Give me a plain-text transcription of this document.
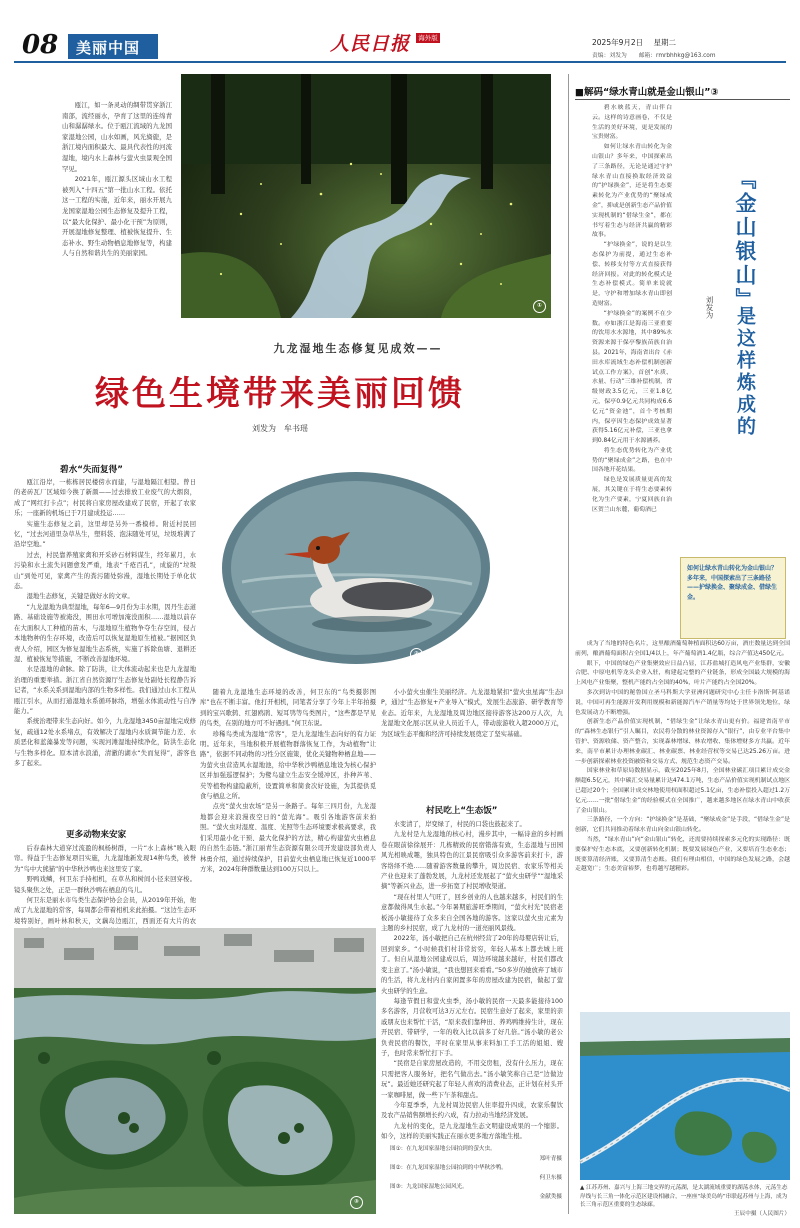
08 美丽中国	人民日报	海外版	2025年9月2日 星期二
责编：刘发为 邮箱：rmrbhhkg@163.com

瓯江，如一条灵动的绸带贯穿浙江南部，流经丽水，孕育了这里的连绵青山和潺潺绿水。位于瓯江流域的九龙国家湿地公园，山水如画，风光旖旎，是浙江境内面积最大、最具代表性的河流湿地，境内水上森林与萤火虫景观全国罕见。

2021年，瓯江源头区域山水工程被列入“十四五”第一批山水工程。依托这一工程的实施，近年来，丽水开展九龙国家湿地公园生态修复及提升工程，以“最大化保护、最小化干预”为原则，开展湿地修复整理、植被恢复提升、生态补水、野生动物栖息地修复等，构建人与自然和谐共生的美丽家园。

①
九龙湿地生态修复见成效——
绿色生境带来美丽回馈
刘发为　牟书瑶
碧水“失而复得”

瓯江沿岸，一栋栋居民楼傍水而建，与湿地隔江相望。曾日的老砖瓦厂区域如今换了新颜——过去排放工业废气的大烟囱，成了“网红打卡点”；村民将自家房屋改建成了民宿，开起了农家乐；一座新的机场已于7月建成投运……

实施生态修复之前，这里却是另外一番模样。附近村民回忆，“过去河道里杂草丛生，塑料袋、泡沫随处可见，垃圾堆满了沿岸空地。”

过去，村民靠养殖家禽和开采砂石材料谋生，经年累月，水污染和水土流失问题愈发严重，地表“千疮百孔”，成旋的“垃圾山”到处可见，家禽产生的粪污随处弥漫，湿地长期处于单化状态。

湿地生态修复，关键是做好水的文章。

“九龙湿地为典型湿地，每年6—9月份为丰水期，因丹生态道路、基础设施等被淹没，围田水可增加淹没面积……湿地以前存在大面积人工种植的苗木，与湿地原生植物争夺生存空间，侵占本地物种的生存环境，改造后可以恢复湿地原生植被。”据园区负责人介绍，园区为修复湿地生态系统，实施了拆除鱼塘、退耕还湿、植被恢复等措施，不断改善湿地环境。

水是湿地的命脉。除了防洪，让大体流动起来也是九龙湿地治理的重要举措。浙江省自然资源厅生态修复处副处长程静告诉记者，“水系关系到湿地内部的生物多样性。我们通过山水工程从瓯江引水，从而打通湿地水系循环脉络，增强水体流动性与自净能力。”

系统治理带来生态向好。如今，九龙湿地3450亩湿地完成修复，疏通12处水系堵点，有效解决了湿地内水质调节能力差、水质恶化和蓝藻暴发等问题，实现河滩湿地持续净化，防洪生态化与生物多样化。原本清水浪涌，清澈的湖水“失而复得”，游客也多了起来。

更多动物来安家

后春森林大道穿过流盈的枫杨树群，一片“水上森林”映入眼帘。得益于生态修复项目实施，九龙湿地新发现14种鸟类，被誉为“鸟中大熊猫”的中华秋沙鸭也来这里安了家。

野鸭戏鳞，何卫东手持相机，在草丛和树间小径来回穿梭。镜头聚焦之处，正是一群秋沙鸭在栖息的鸟儿。

何卫东是丽水市鸟类生态保护协会会员，从2019年开始，他成了九龙湿地的常客，每周都会带着相机来此拍摄。“这边生态环境特别好，画叶林和秋天，文藕岛边瓯江，西面还有大片的农

②

随着九龙湿地生态环境的改善，何卫东的“鸟类摄影图库”也在不断丰富。他打开相机，同笔者分享了今年上半年拍摄到的宝兴歌鸫、红翅鸥鹃、短耳鸮等鸟类图片，“这些都是罕见的鸟类，在别的地方可不好遇到。”何卫东说。

珍稀鸟类成为湿地“常客”，是九龙湿地生态向好的有力证明。近年来，当地积极开展植物群落恢复工作，为动植物“让路”，依据不同动物的习性分区施策，优化关键物种栖息地——为萤火虫营造风水湿地池，给中华秋沙鸭栖息地设为核心保护区并加强巡逻保护；为鹭鸟建立生态安全缓冲区，扑种芦苇、芡等植物构建隐蔽所，设置简单和简食次好设施，为其提供觅食与栖息之所。

点亮“萤火虫农场”是另一条路子。每年三四月份，九龙湿地都会迎来浪漫夜空日的“萤光海”。吸引各地游客前来拍照。“萤火虫对湿度、温度、光照等生态环境要求极高要求，我们采用最小化干预、最大化保护的方法，精心构建萤火虫栖息的自然生态链。”浙江丽青生态资源有限公司开发建设部负责人林勇介绍，通过持续保护，目前萤火虫栖息地已恢复近1000平方米，2024年种群数量达到100万只以上。

小小萤火虫催生美丽经济。九龙湿地紧扣“萤火虫星海”生态IP，通过“生态修复+产业导入”模式，发展生态旅游、研学教育等业态。近年来，九龙湿地及周边地区接待游客达200万人次，九龙湿地文化展示区从业人员近千人，带动旅游收入超2000万元，为区域生态平衡和经济可持续发展奠定了坚实基础。

村民吃上“生态饭”

水变清了，岸变绿了，村民的口袋也鼓起来了。

九龙村是九龙湿地的核心村，漫步其中，一幅诗意的乡村画卷在眼前徐徐展开：几栋精致的民宿错落有致，生态湿地与田园风光相映成趣，独具特色的江景民宿吸引众多游客前来打卡，游客络绎不绝……随着游客数量的攀升，周边民宿、农家乐等相关产业也迎来了蓬勃发展，九龙村还发展起了“萤火虫研学”“湿地采摘”等新兴业态，进一步拓宽了村民增收渠道。

“现在村里人气旺了，回乡创业的人也越来越多，村民们的生意都做得风生水起。”今年暑期旅游旺季期间，“萤火村光”民宿老板汤小敏接待了众多来自全国各地的游客。这家以萤火虫元素为主题的乡村民宿，成了九龙村的一道亮丽风景线。

2022年，汤小敏把自己在杭州经营了20年的母婴店转让后，回到家乡。“小时候我们村非常贫穷，年轻人基本上都去城上班了。但自从湿地公园建成以后，周边环境越来越好，村民们都改变主意了。”汤小敏说，“我也想回来看看。”50多岁的她放弃了城市的生活，将九龙村内自家闲置多年的房屋改建为民宿，做起了萤火虫研学的生意。

每逢节假日和萤火虫季，汤小敏的民宿一天最多能接待100多名游客，月营收可达3万元左右。民宿生意好了起来，家里的亲戚朋友也来帮忙干活，“原来我们靠种田、养鸡鸭维持生计，现在开民宿、带研学，一年的收入比以前多了好几倍。”汤小敏的老公负责民宿的餐饮，平时在家里从事来料加工手工活的姐姐、嫂子，也时常来帮忙打下手。

“民宿是自家房屋改造的，不用交房租，没有什么压力，现在只需把客人服务好，把名气做出去。”汤小敏笑称自己是“边做边玩”。最近她还研究起了年轻人喜欢的消费业态，正计划在村头开一家咖啡屋，做一些下午茶和甜点。

今年夏季季，九龙村周边民宿人住率提升四成，农家乐餐饮及农产品销售额增长约六成，有力拉动当地经济发展。

九龙村的变化，是九龙湿地生态文明建设成果的一个缩影。如今，这样的美丽实践正在丽水更多地方落地生根。

图①：在九龙国家湿地公园拍到的萤火虫。
郑叶青摄
图②：在九龙国家湿地公园拍到的中华秋沙鸭。
何卫东摄
图③：九龙国家湿地公园风光。
金献类摄
③
■解码“绿水青山就是金山银山”③

碧水映蓝天，青山伴白云。这样的诗意画卷，不仅是生活的美好环境，更是发展的宝贵财富。

如何让绿水青山转化为金山银山？多年来，中国探索出了三条路径，无论是通过守护绿水青山直接换取经济效益的“护绿换金”，还是将生态要素转化为产业优势的“聚绿成金”，抑或是创新生态产品价值实现机制的“借绿生金”，都在书写着生态与经济共赢的精彩故事。

“护绿换金”，说的是以生态保护为前提，通过生态补偿、转移支付等方式直接获得经济回报。对此的转化模式是生态补偿模式。简单来说就是，守护和增加绿水青山即创造财富。

“护绿换金”的案例不在少数。亦如浙江是海南三亚重要的饮用水水源地，其中89%水资源来源于保亭黎族苗族自治县。2021年，海南省出台《赤田水库流域生态补偿机制创新试点工作方案》，首创“水质、水量、行动”三维补偿机制，省级财政3.5亿元，三亚1.8亿元，保亭0.9亿元共同构成6.6亿元“资金池”，首个考核期内，保亭因生态保护成效显著获得5.16亿元补偿，三亚也拿到0.84亿元用于水源涵养。

将生态优势转化为产业优势的“聚绿成金”之路，也在中国各地开花结果。

绿色是发展质量更高的发展，其关键在于将生态要素转化为生产要素，宁夏回族自治区贺兰山东麓，葡萄酒已

『金山银山』
是这样炼成的
刘发为
如何让绿水青山转化为金山银山？多年来，中国探索出了三条路径——护绿换金、聚绿成金、借绿生金。

成为了当地的特色名片，这里酿酒葡萄种植面积达60万亩，酒庄数量达到全国前列，酿酒葡萄面积占全国1/4以上，年产葡萄酒1.4亿瓶，综合产值达450亿元。

眼下，中国的绿色产业集聚效应日益凸显，江苏盐城打造风电产业集群，安徽合肥、中原电机等龙头企业入驻，构建起完整的产业链条，形成全国最大规模的海上风电产业集聚，整机产能约占全国的40%，叶片产能约占全国20%。

多次到访中国的秘鲁国立圣马科斯大学亚洲问题研究中心主任卡洛斯·阿基诺说，中国可再生能源开发利用规模和新能源汽车产销量等均处于世界领先地位，绿色发展动力不断增强。

创新生态产品价值实现机制，“借绿生金”让绿水青山更有价。福建省南平市的“森林生态银行”引人瞩目，农民将分散的林业资源存入“银行”，由专业平台集中管护、资源收储、资产整合，实现森林增绿、林农增收、集体增财多方共赢。近年来，南平市累计办理林业碳汇、林业碳票、林业经营权等交易已达25.26万亩。进一步创新探索林业投资融资和交易方式、规范生态资产交易。

国家林业和草原局数据显示，截至2025年8月，全国林业碳汇项目累计成交金额超6.5亿元，其中碳汇交易量累计达474.1万吨，生态产品价值实现机制试点地区已超过20个；全国累计成交林地使用权面积超过5.1亿亩，生态补偿投入超过1.2万亿元……一批“借绿生金”的经验模式在全国推广，越来越多地区在绿水青山中收获了金山银山。

三条路径，一个方向：“护绿换金”是基础，“聚绿成金”是手段，“借绿生金”是创新，它们共同推动着绿水青山向金山银山转化。

当然，“绿水青山”向“金山银山”转化，还需要持续探索多元化的实现路径：既要保护好生态本底，又要创新转化机制；既要发展绿色产业，又要培育生态业态；既要算清经济账，又要算清生态账。我们有理由相信，中国的绿色发展之路，会越走越宽广；生态美富裕梦，也将越写越精彩。

▲ 江苏苏州、嘉兴与上海三地交界的元荡湖，是太湖流域重要的湖荡水体，元荡生态岸线与长三角一体化示范区建设相融合，一座座“绿美岛屿”串联起苏州与上海，成为长三角示范区重要的生态绿廊。
王辰中摄（人民图片）
